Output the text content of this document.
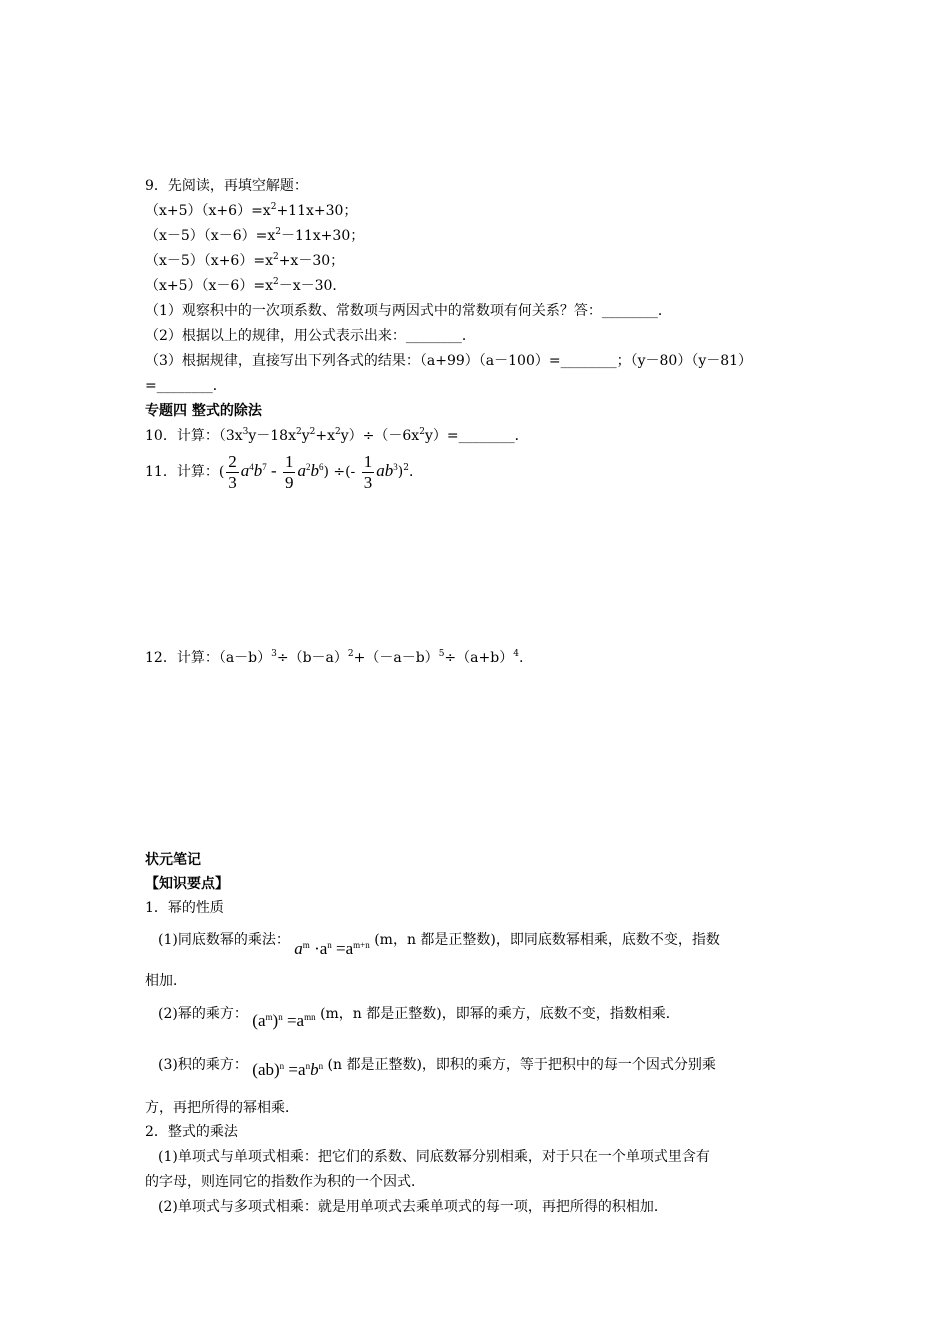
9．先阅读，再填空解题：
$(x+5)(x+6)=x^2+11x+30$；
$(x-5)(x-6)=x^2-11x+30$；
$(x-5)(x+6)=x^2+x-30$；
$(x+5)(x-6)=x^2-x-30$．
（1）观察积中的一次项系数、常数项与两因式中的常数项有何关系？答：________．
（2）根据以上的规律，用公式表示出来：________．
（3）根据规律，直接写出下列各式的结果：（a+99）（a－100）=________；（y－80）（y－81）
=________．
专题四 整式的除法
10．计算：$(3x^3y-18x^2y^2+x^2y)\div(-6x^2y)=\_\_\_\_\_\_\_\_$．
11．计算：( $\frac{2}{3} a^4b^7 - \frac{1}{9} a^2b^6$) ÷(- $\frac{1}{3} ab^3)^2$．
12．计算：$(a-b)^3\div(b-a)^2+(-a-b)^5\div(a+b)^4$.
状元笔记
【知识要点】
1．幂的性质
(1)同底数幂的乘法： $a^m \cdot a^n =a^{m+n}$ (m，n 都是正整数)，即同底数幂相乘，底数不变，指数
相加．
(2)幂的乘方： $(a^m)^n =a^{mn}$ (m，n 都是正整数)，即幂的乘方，底数不变，指数相乘．
(3)积的乘方： $(ab)^n =a^nb^n$ (n 都是正整数)，即积的乘方，等于把积中的每一个因式分别乘
方，再把所得的幂相乘．
2．整式的乘法
(1)单项式与单项式相乘：把它们的系数、同底数幂分别相乘，对于只在一个单项式里含有
的字母，则连同它的指数作为积的一个因式．
(2)单项式与多项式相乘：就是用单项式去乘单项式的每一项，再把所得的积相加．
